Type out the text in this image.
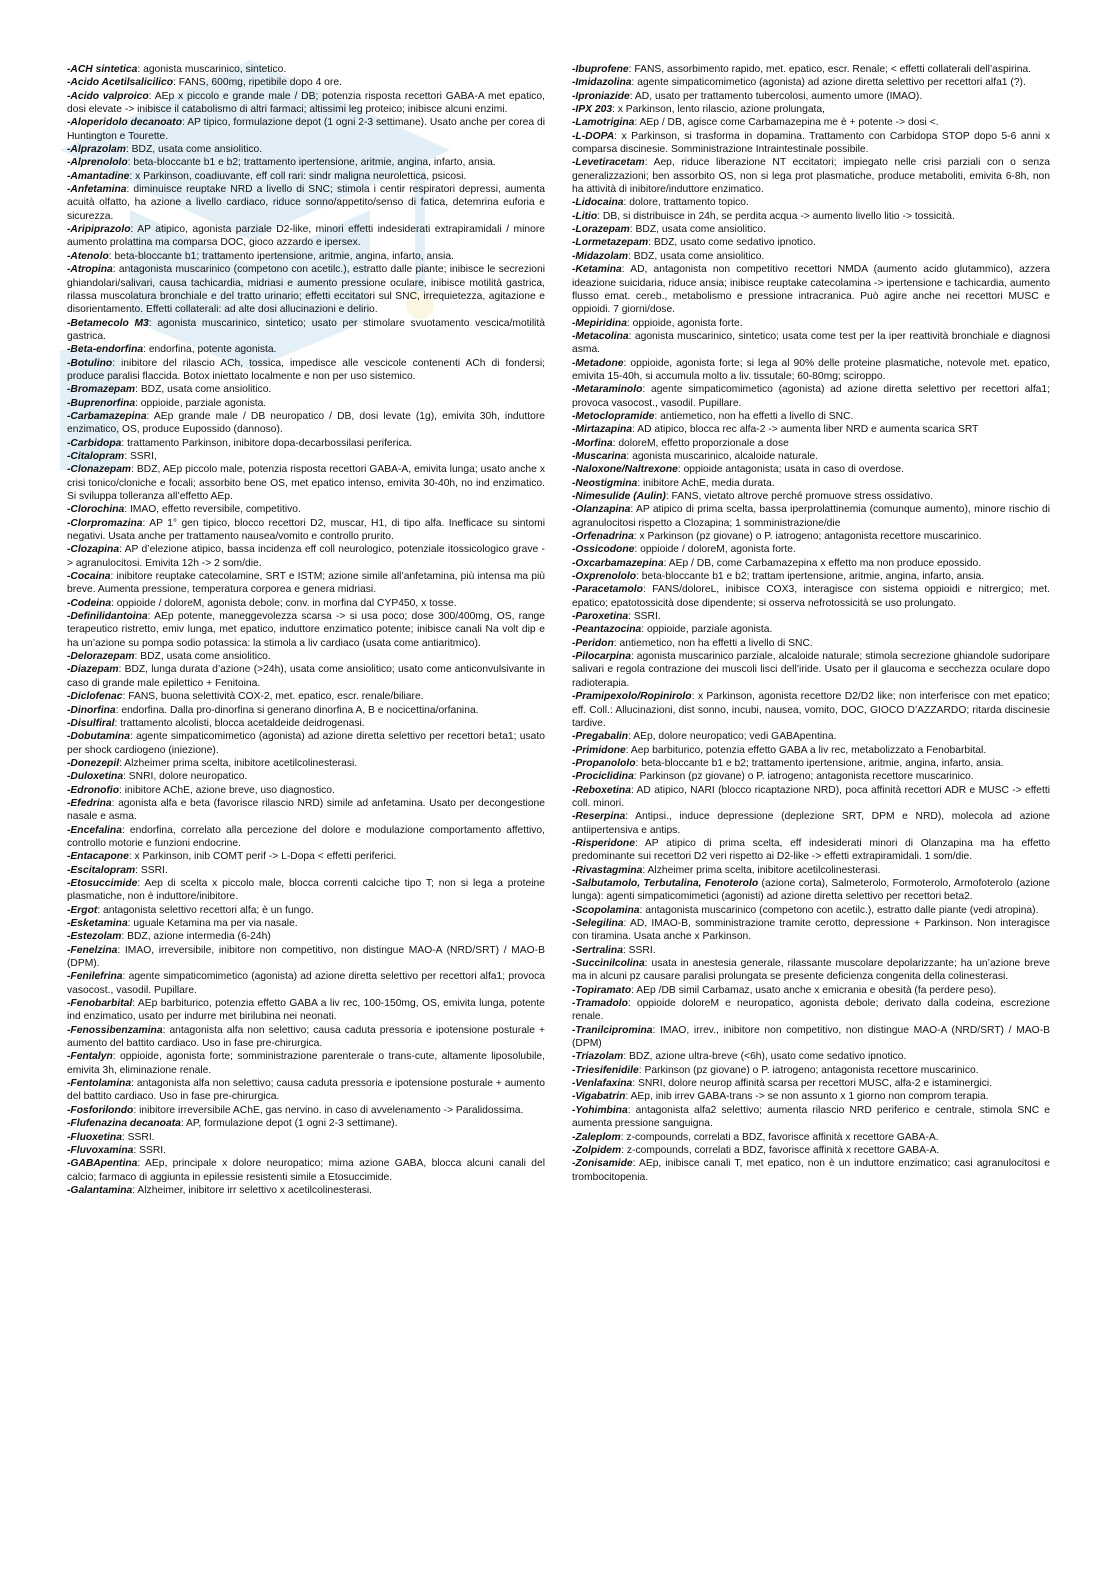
-ACH sintetica: agonista muscarinico, sintetico.

-Acido Acetilsalicilico: FANS, 600mg, ripetibile dopo 4 ore.

-Acido valproico: AEp x piccolo e grande male / DB; potenzia risposta recettori GABA-A met epatico, dosi elevate -> inibisce il catabolismo di altri farmaci; altissimi leg proteico; inibisce alcuni enzimi.

-Aloperidolo decanoato: AP tipico, formulazione depot (1 ogni 2-3 settimane). Usato anche per corea di Huntington e Tourette.

-Alprazolam: BDZ, usata come ansiolitico.

-Alprenololo: beta-bloccante b1 e b2; trattamento ipertensione, aritmie, angina, infarto, ansia.

-Amantadine: x Parkinson, coadiuvante, eff coll rari: sindr maligna neurolettica, psicosi.

-Anfetamina: diminuisce reuptake NRD a livello di SNC; stimola i centir respiratori depressi, aumenta acuità olfatto, ha azione a livello cardiaco, riduce sonno/appetito/senso di fatica, detemrina euforia e sicurezza.

-Aripiprazolo: AP atipico, agonista parziale D2-like, minori effetti indesiderati extrapiramidali / minore aumento prolattina ma comparsa DOC, gioco azzardo e ipersex.

-Atenolo: beta-bloccante b1; trattamento ipertensione, aritmie, angina, infarto, ansia.

-Atropina: antagonista muscarinico (competono con acetilc.), estratto dalle piante; inibisce le secrezioni ghiandolari/salivari, causa tachicardia, midriasi e aumento pressione oculare, inibisce motilità gastrica, rilassa muscolatura bronchiale e del tratto urinario; effetti eccitatori sul SNC, irrequietezza, agitazione e disorientamento. Effetti collaterali: ad alte dosi allucinazioni e delirio.

-Betamecolo M3: agonista muscarinico, sintetico; usato per stimolare svuotamento vescica/motilità gastrica.

-Beta-endorfina: endorfina, potente agonista.

-Botulino: inibitore del rilascio ACh, tossica, impedisce alle vescicole contenenti ACh di fondersi; produce paralisi flaccida. Botox iniettato localmente e non per uso sistemico.

-Bromazepam: BDZ, usata come ansiolitico.

-Buprenorfina: oppioide, parziale agonista.

-Carbamazepina: AEp grande male / DB neuropatico / DB, dosi levate (1g), emivita 30h, induttore enzimatico, OS, produce Eupossido (dannoso).

-Carbidopa: trattamento Parkinson, inibitore dopa-decarbossilasi periferica.

-Citalopram: SSRI,

-Clonazepam: BDZ, AEp piccolo male, potenzia risposta recettori GABA-A, emivita lunga; usato anche x crisi tonico/cloniche e focali; assorbito bene OS, met epatico intenso, emivita 30-40h, no ind enzimatico. Si sviluppa tolleranza all’effetto AEp.

-Clorochina: IMAO, effetto reversibile, competitivo.

-Clorpromazina: AP 1° gen tipico, blocco recettori D2, muscar, H1, di tipo alfa. Inefficace su sintomi negativi. Usata anche per trattamento nausea/vomito e controllo prurito.

-Clozapina: AP d’elezione atipico, bassa incidenza eff coll neurologico, potenziale itossicologico grave -> agranulocitosi. Emivita 12h -> 2 som/die.

-Cocaina: inibitore reuptake catecolamine, SRT e ISTM; azione simile all’anfetamina, più intensa ma più breve. Aumenta pressione, temperatura corporea e genera midriasi.

-Codeina: oppioide / doloreM, agonista debole; conv. in morfina dal CYP450, x tosse.

-Definilidantoina: AEp potente, maneggevolezza scarsa -> si usa poco; dose 300/400mg, OS, range terapeutico ristretto, emiv lunga, met epatico, induttore enzimatico potente; inibisce canali Na volt dip e ha un’azione su pompa sodio potassica: la stimola a liv cardiaco (usata come antiaritmico).

-Delorazepam: BDZ, usata come ansiolitico.

-Diazepam: BDZ, lunga durata d’azione (>24h), usata come ansiolitico; usato come anticonvulsivante in caso di grande male epilettico + Fenitoina.

-Diclofenac: FANS, buona selettività COX-2, met. epatico, escr. renale/biliare.

-Dinorfina: endorfina. Dalla pro-dinorfina si generano dinorfina A, B e nocicettina/orfanina.

-Disulfiral: trattamento alcolisti, blocca acetaldeide deidrogenasi.

-Dobutamina: agente simpaticomimetico (agonista) ad azione diretta selettivo per recettori beta1; usato per shock cardiogeno (iniezione).

-Donezepil: Alzheimer prima scelta, inibitore acetilcolinesterasi.

-Duloxetina: SNRI, dolore neuropatico.

-Edronofio: inibitore AChE, azione breve, uso diagnostico.

-Efedrina: agonista alfa e beta (favorisce rilascio NRD) simile ad anfetamina. Usato per decongestione nasale e asma.

-Encefalina: endorfina, correlato alla percezione del dolore e modulazione comportamento affettivo, controllo motorie e funzioni endocrine.

-Entacapone: x Parkinson, inib COMT perif -> L-Dopa < effetti periferici.

-Escitalopram: SSRI.

-Etosuccimide: Aep di scelta x piccolo male, blocca correnti calciche tipo T; non si lega a proteine plasmatiche, non è induttore/inibitore.

-Ergot: antagonista selettivo recettori alfa; è un fungo.

-Esketamina: uguale Ketamina ma per via nasale.

-Estezolam: BDZ, azione intermedia (6-24h)

-Fenelzina: IMAO, irreversibile, inibitore non competitivo, non distingue MAO-A (NRD/SRT) / MAO-B (DPM).

-Fenilefrina: agente simpaticomimetico (agonista) ad azione diretta selettivo per recettori alfa1; provoca vasocost., vasodil. Pupillare.

-Fenobarbital: AEp barbiturico, potenzia effetto GABA a liv rec, 100-150mg, OS, emivita lunga, potente ind enzimatico, usato per indurre met birilubina nei neonati.

-Fenossibenzamina: antagonista alfa non selettivo; causa caduta pressoria e ipotensione posturale + aumento del battito cardiaco. Uso in fase pre-chirurgica.

-Fentalyn: oppioide, agonista forte; somministrazione parenterale o trans-cute, altamente liposolubile, emivita 3h, eliminazione renale.

-Fentolamina: antagonista alfa non selettivo; causa caduta pressoria e ipotensione posturale + aumento del battito cardiaco. Uso in fase pre-chirurgica.

-Fosforilondo: inibitore irreversibile AChE, gas nervino. in caso di avvelenamento -> Paralidossima.

-Flufenazina decanoata: AP, formulazione depot (1 ogni 2-3 settimane).

-Fluoxetina: SSRI.

-Fluvoxamina: SSRI.

-GABApentina: AEp, principale x dolore neuropatico; mima azione GABA, blocca alcuni canali del calcio; farmaco di aggiunta in epilessie resistenti simile a Etosuccimide.

-Galantamina: Alzheimer, inibitore irr selettivo x acetilcolinesterasi.

-Ibuprofene: FANS, assorbimento rapido, met. epatico, escr. Renale; < effetti collaterali dell’aspirina.

-Imidazolina: agente simpaticomimetico (agonista) ad azione diretta selettivo per recettori alfa1 (?).

-Iproniazide: AD, usato per trattamento tubercolosi, aumento umore (IMAO).

-IPX 203: x Parkinson, lento rilascio, azione prolungata,

-Lamotrigina: AEp / DB, agisce come Carbamazepina me è + potente -> dosi <.

-L-DOPA: x Parkinson, si trasforma in dopamina. Trattamento con Carbidopa STOP dopo 5-6 anni x comparsa discinesie. Somministrazione Intraintestinale possibile.

-Levetiracetam: Aep, riduce liberazione NT eccitatori; impiegato nelle crisi parziali con o senza generalizzazioni; ben assorbito OS, non si lega prot plasmatiche, produce metaboliti, emivita 6-8h, non ha attività di inibitore/induttore enzimatico.

-Lidocaina: dolore, trattamento topico.

-Litio: DB, si distribuisce in 24h, se perdita acqua -> aumento livello litio -> tossicità.

-Lorazepam: BDZ, usata come ansiolitico.

-Lormetazepam: BDZ, usato come sedativo ipnotico.

-Midazolam: BDZ, usata come ansiolitico.

-Ketamina: AD, antagonista non competitivo recettori NMDA (aumento acido glutammico), azzera ideazione suicidaria, riduce ansia; inibisce reuptake catecolamina -> ipertensione e tachicardia, aumento flusso emat. cereb., metabolismo e pressione intracranica. Può agire anche nei recettori MUSC e oppioidi. 7 giorni/dose.

-Mepiridina: oppioide, agonista forte.

-Metacolina: agonista muscarinico, sintetico; usata come test per la iper reattività bronchiale e diagnosi asma.

-Metadone: oppioide, agonista forte; si lega al 90% delle proteine plasmatiche, notevole met. epatico, emivita 15-40h, si accumula molto a liv. tissutale; 60-80mg; sciroppo.

-Metaraminolo: agente simpaticomimetico (agonista) ad azione diretta selettivo per recettori alfa1; provoca vasocost., vasodil. Pupillare.

-Metoclopramide: antiemetico, non ha effetti a livello di SNC.

-Mirtazapina: AD atipico, blocca rec alfa-2 -> aumenta liber NRD e aumenta scarica SRT

-Morfina: doloreM, effetto proporzionale a dose

-Muscarina: agonista muscarinico, alcaloide naturale.

-Naloxone/Naltrexone: oppioide antagonista; usata in caso di overdose.

-Neostigmina: inibitore AchE, media durata.

-Nimesulide (Aulin): FANS, vietato altrove perché promuove stress ossidativo.

-Olanzapina: AP atipico di prima scelta, bassa iperprolattinemia (comunque aumento), minore rischio di agranulocitosi rispetto a Clozapina; 1 somministrazione/die

-Orfenadrina: x Parkinson (pz giovane) o P. iatrogeno; antagonista recettore muscarinico.

-Ossicodone: oppioide / doloreM, agonista forte.

-Oxcarbamazepina: AEp / DB, come Carbamazepina x effetto ma non produce epossido.

-Oxprenololo: beta-bloccante b1 e b2; trattam ipertensione, aritmie, angina, infarto, ansia.

-Paracetamolo: FANS/doloreL, inibisce COX3, interagisce con sistema oppioidi e nitrergico; met. epatico; epatotossicità dose dipendente; si osserva nefrotossicità se uso prolungato.

-Paroxetina: SSRI.

-Peantazocina: oppioide, parziale agonista.

-Peridon: antiemetico, non ha effetti a livello di SNC.

-Pilocarpina: agonista muscarinico parziale, alcaloide naturale; stimola secrezione ghiandole sudoripare salivari e regola contrazione dei muscoli lisci dell’iride. Usato per il glaucoma e secchezza oculare dopo radioterapia.

-Pramipexolo/Ropinirolo: x Parkinson, agonista recettore D2/D2 like; non interferisce con met epatico; eff. Coll.: Allucinazioni, dist sonno, incubi, nausea, vomito, DOC, GIOCO D’AZZARDO; ritarda discinesie tardive.

-Pregabalin: AEp, dolore neuropatico; vedi GABApentina.

-Primidone: Aep barbiturico, potenzia effetto GABA a liv rec, metabolizzato a Fenobarbital.

-Propanololo: beta-bloccante b1 e b2; trattamento ipertensione, aritmie, angina, infarto, ansia.

-Prociclidina: Parkinson (pz giovane) o P. iatrogeno; antagonista recettore muscarinico.

-Reboxetina: AD atipico, NARI (blocco ricaptazione NRD), poca affinità recettori ADR e MUSC -> effetti coll. minori.

-Reserpina: Antipsi., induce depressione (deplezione SRT, DPM e NRD), molecola ad azione antiipertensiva e antips.

-Risperidone: AP atipico di prima scelta, eff indesiderati minori di Olanzapina ma ha effetto predominante sui recettori D2 veri rispetto ai D2-like -> effetti extrapiramidali. 1 som/die.

-Rivastagmina: Alzheimer prima scelta, inibitore acetilcolinesterasi.

-Salbutamolo, Terbutalina, Fenoterolo (azione corta), Salmeterolo, Formoterolo, Armofoterolo (azione lunga): agenti simpaticomimetici (agonisti) ad azione diretta selettivo per recettori beta2.

-Scopolamina: antagonista muscarinico (competono con acetilc.), estratto dalle piante (vedi atropina).

-Selegilina: AD, IMAO-B, somministrazione tramite cerotto, depressione + Parkinson. Non interagisce con tiramina. Usata anche x Parkinson.

-Sertralina: SSRI.

-Succinilcolina: usata in anestesia generale, rilassante muscolare depolarizzante; ha un’azione breve ma in alcuni pz causare paralisi prolungata se presente deficienza congenita della colinesterasi.

-Topiramato: AEp /DB simil Carbamaz, usato anche x emicrania e obesità (fa perdere peso).

-Tramadolo: oppioide doloreM e neuropatico, agonista debole; derivato dalla codeina, escrezione renale.

-Tranilcipromina: IMAO, irrev., inibitore non competitivo, non distingue MAO-A (NRD/SRT) / MAO-B (DPM)

-Triazolam: BDZ, azione ultra-breve (<6h), usato come sedativo ipnotico.

-Triesifenidile: Parkinson (pz giovane) o P. iatrogeno; antagonista recettore muscarinico.

-Venlafaxina: SNRI, dolore neurop affinità scarsa per recettori MUSC, alfa-2 e istaminergici.

-Vigabatrin: AEp, inib irrev GABA-trans -> se non assunto x 1 giorno non comprom terapia.

-Yohimbina: antagonista alfa2 selettivo; aumenta rilascio NRD periferico e centrale, stimola SNC e aumenta pressione sanguigna.

-Zaleplom: z-compounds, correlati a BDZ, favorisce affinità x recettore GABA-A.

-Zolpidem: z-compounds, correlati a BDZ, favorisce affinità x recettore GABA-A.

-Zonisamide: AEp, inibisce canali T, met epatico, non è un induttore enzimatico; casi agranulocitosi e trombocitopenia.
